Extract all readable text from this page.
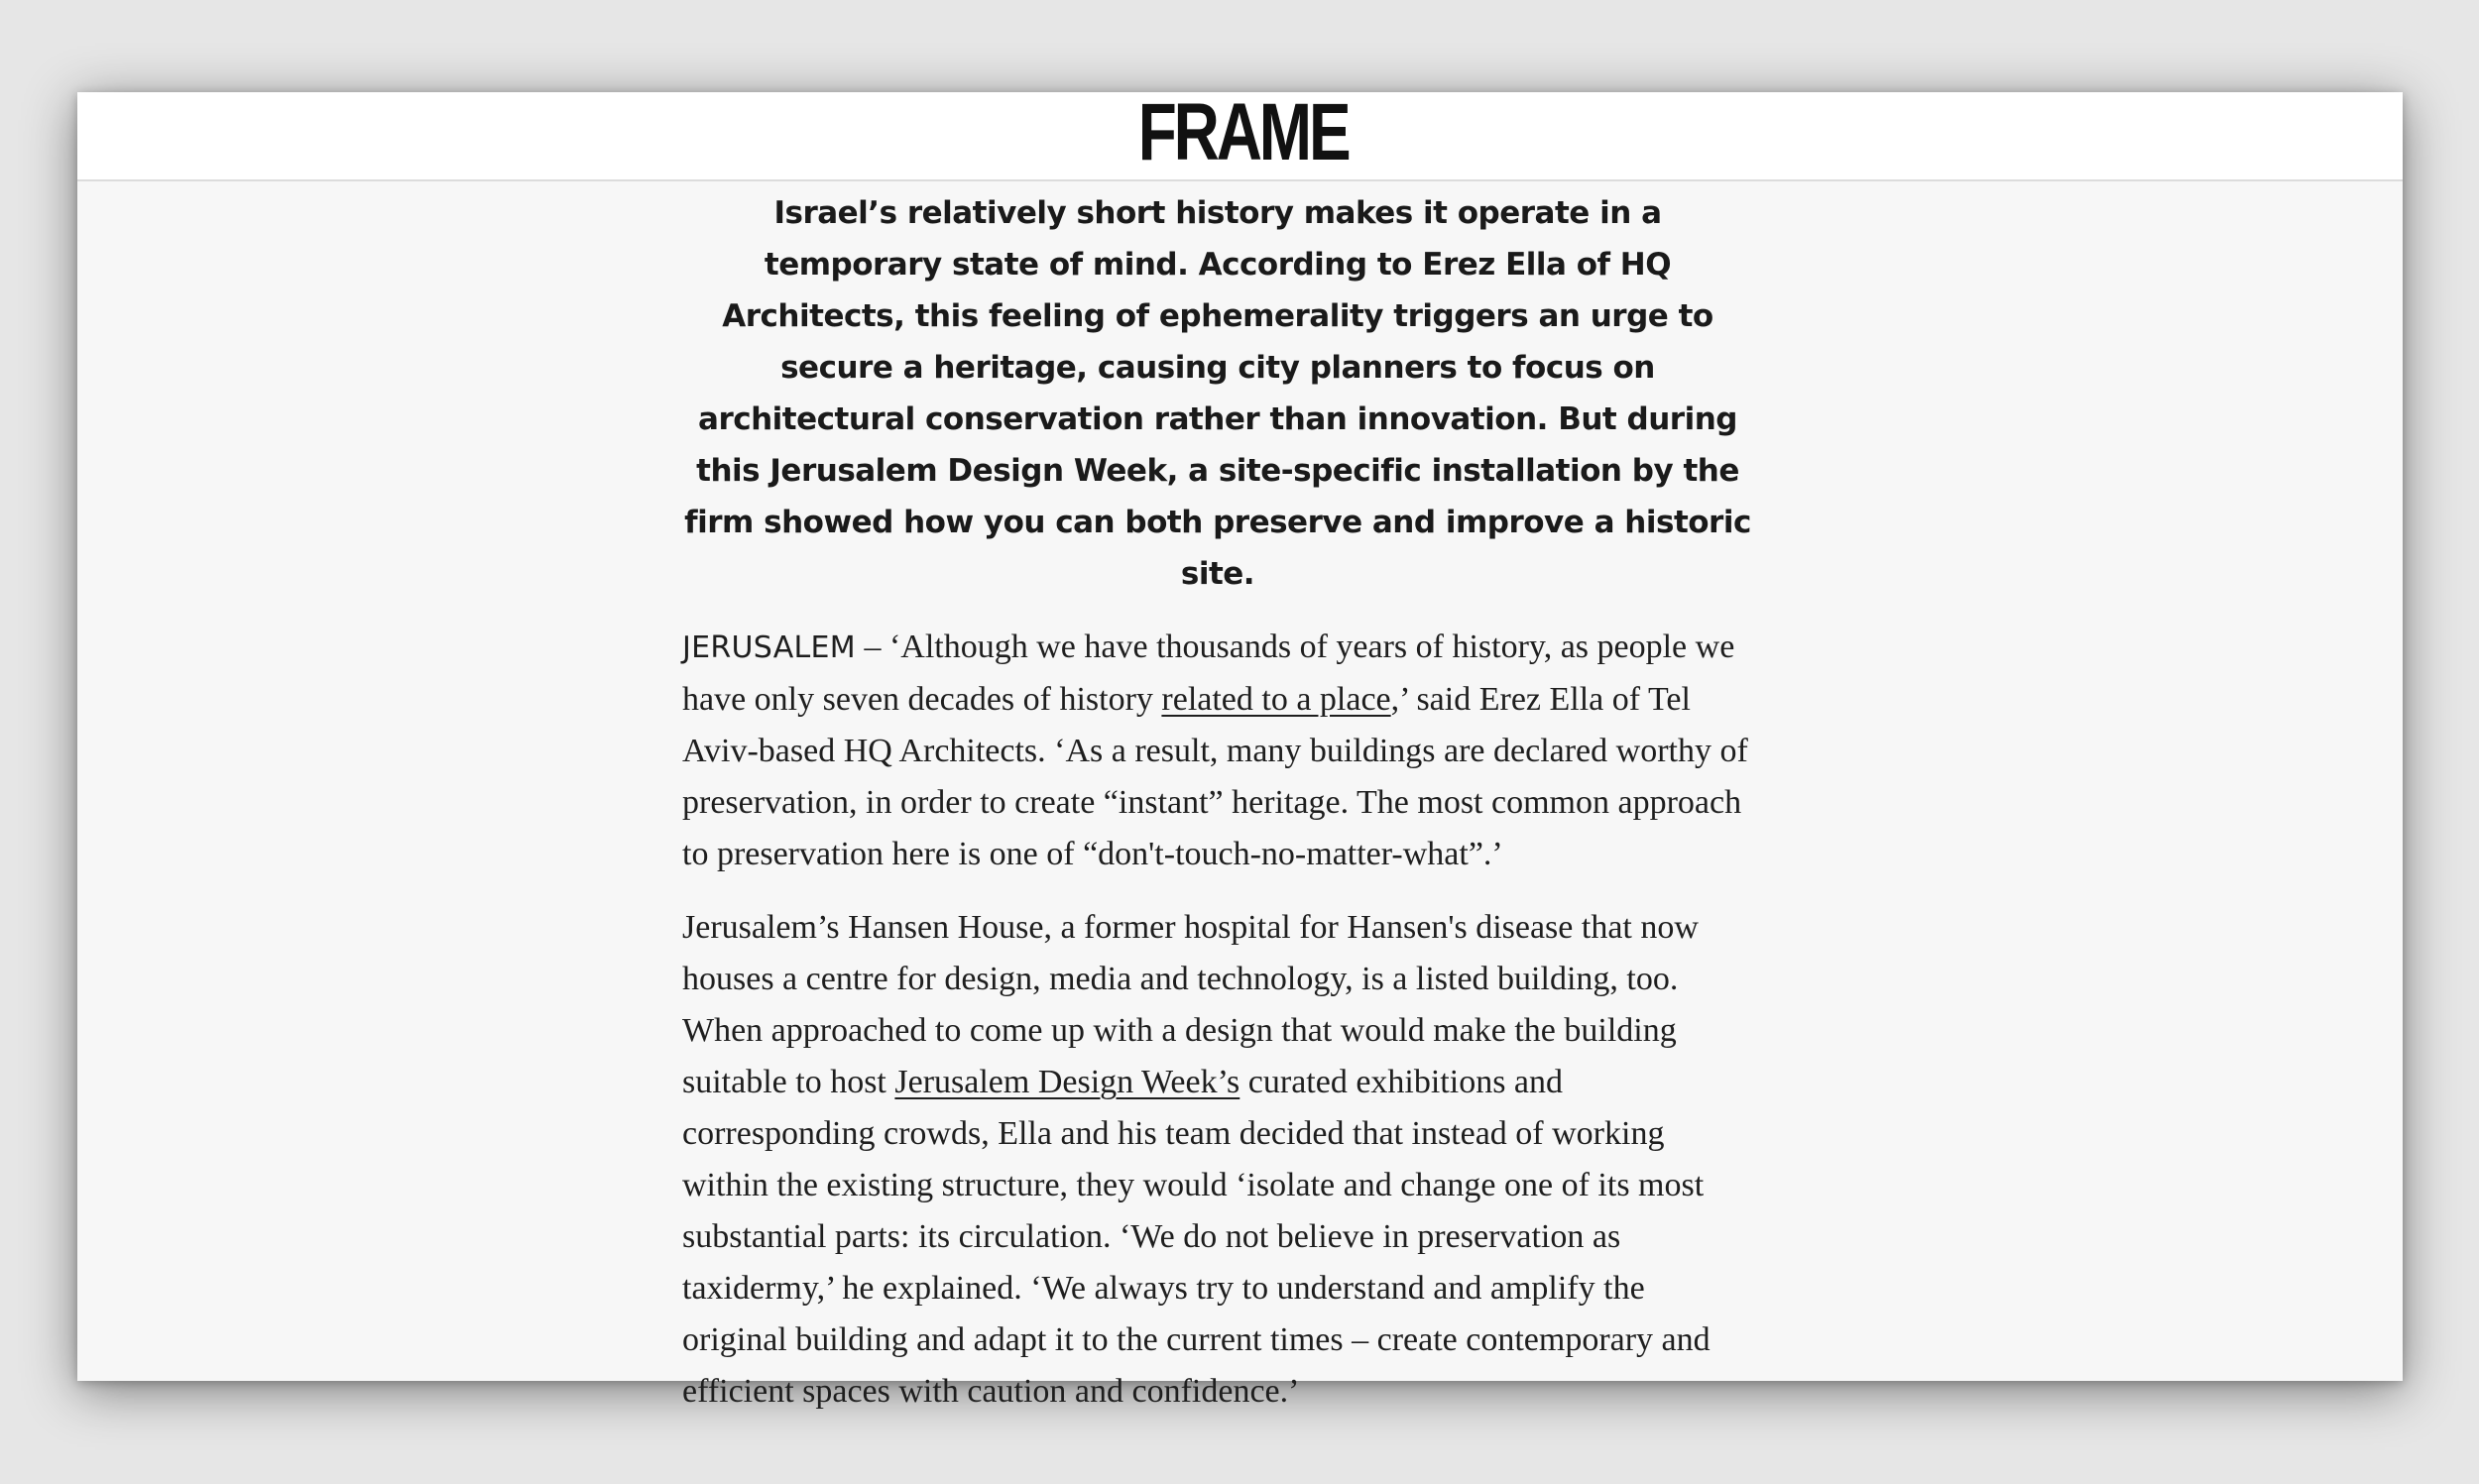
FRAME

Israel’s relatively short history makes it operate in a temporary state of mind. According to Erez Ella of HQ Architects, this feeling of ephemerality triggers an urge to secure a heritage, causing city planners to focus on architectural conservation rather than innovation. But during this Jerusalem Design Week, a site-specific installation by the firm showed how you can both preserve and improve a historic site.

JERUSALEM – ‘Although we have thousands of years of history, as people we have only seven decades of history related to a place,’ said Erez Ella of Tel Aviv-based HQ Architects. ‘As a result, many buildings are declared worthy of preservation, in order to create “instant” heritage. The most common approach to preservation here is one of “don't-touch-no-matter-what”.’

Jerusalem’s Hansen House, a former hospital for Hansen's disease that now houses a centre for design, media and technology, is a listed building, too. When approached to come up with a design that would make the building suitable to host Jerusalem Design Week’s curated exhibitions and corresponding crowds, Ella and his team decided that instead of working within the existing structure, they would ‘isolate and change one of its most substantial parts: its circulation. ‘We do not believe in preservation as taxidermy,’ he explained. ‘We always try to understand and amplify the original building and adapt it to the current times – create contemporary and efficient spaces with caution and confidence.’
